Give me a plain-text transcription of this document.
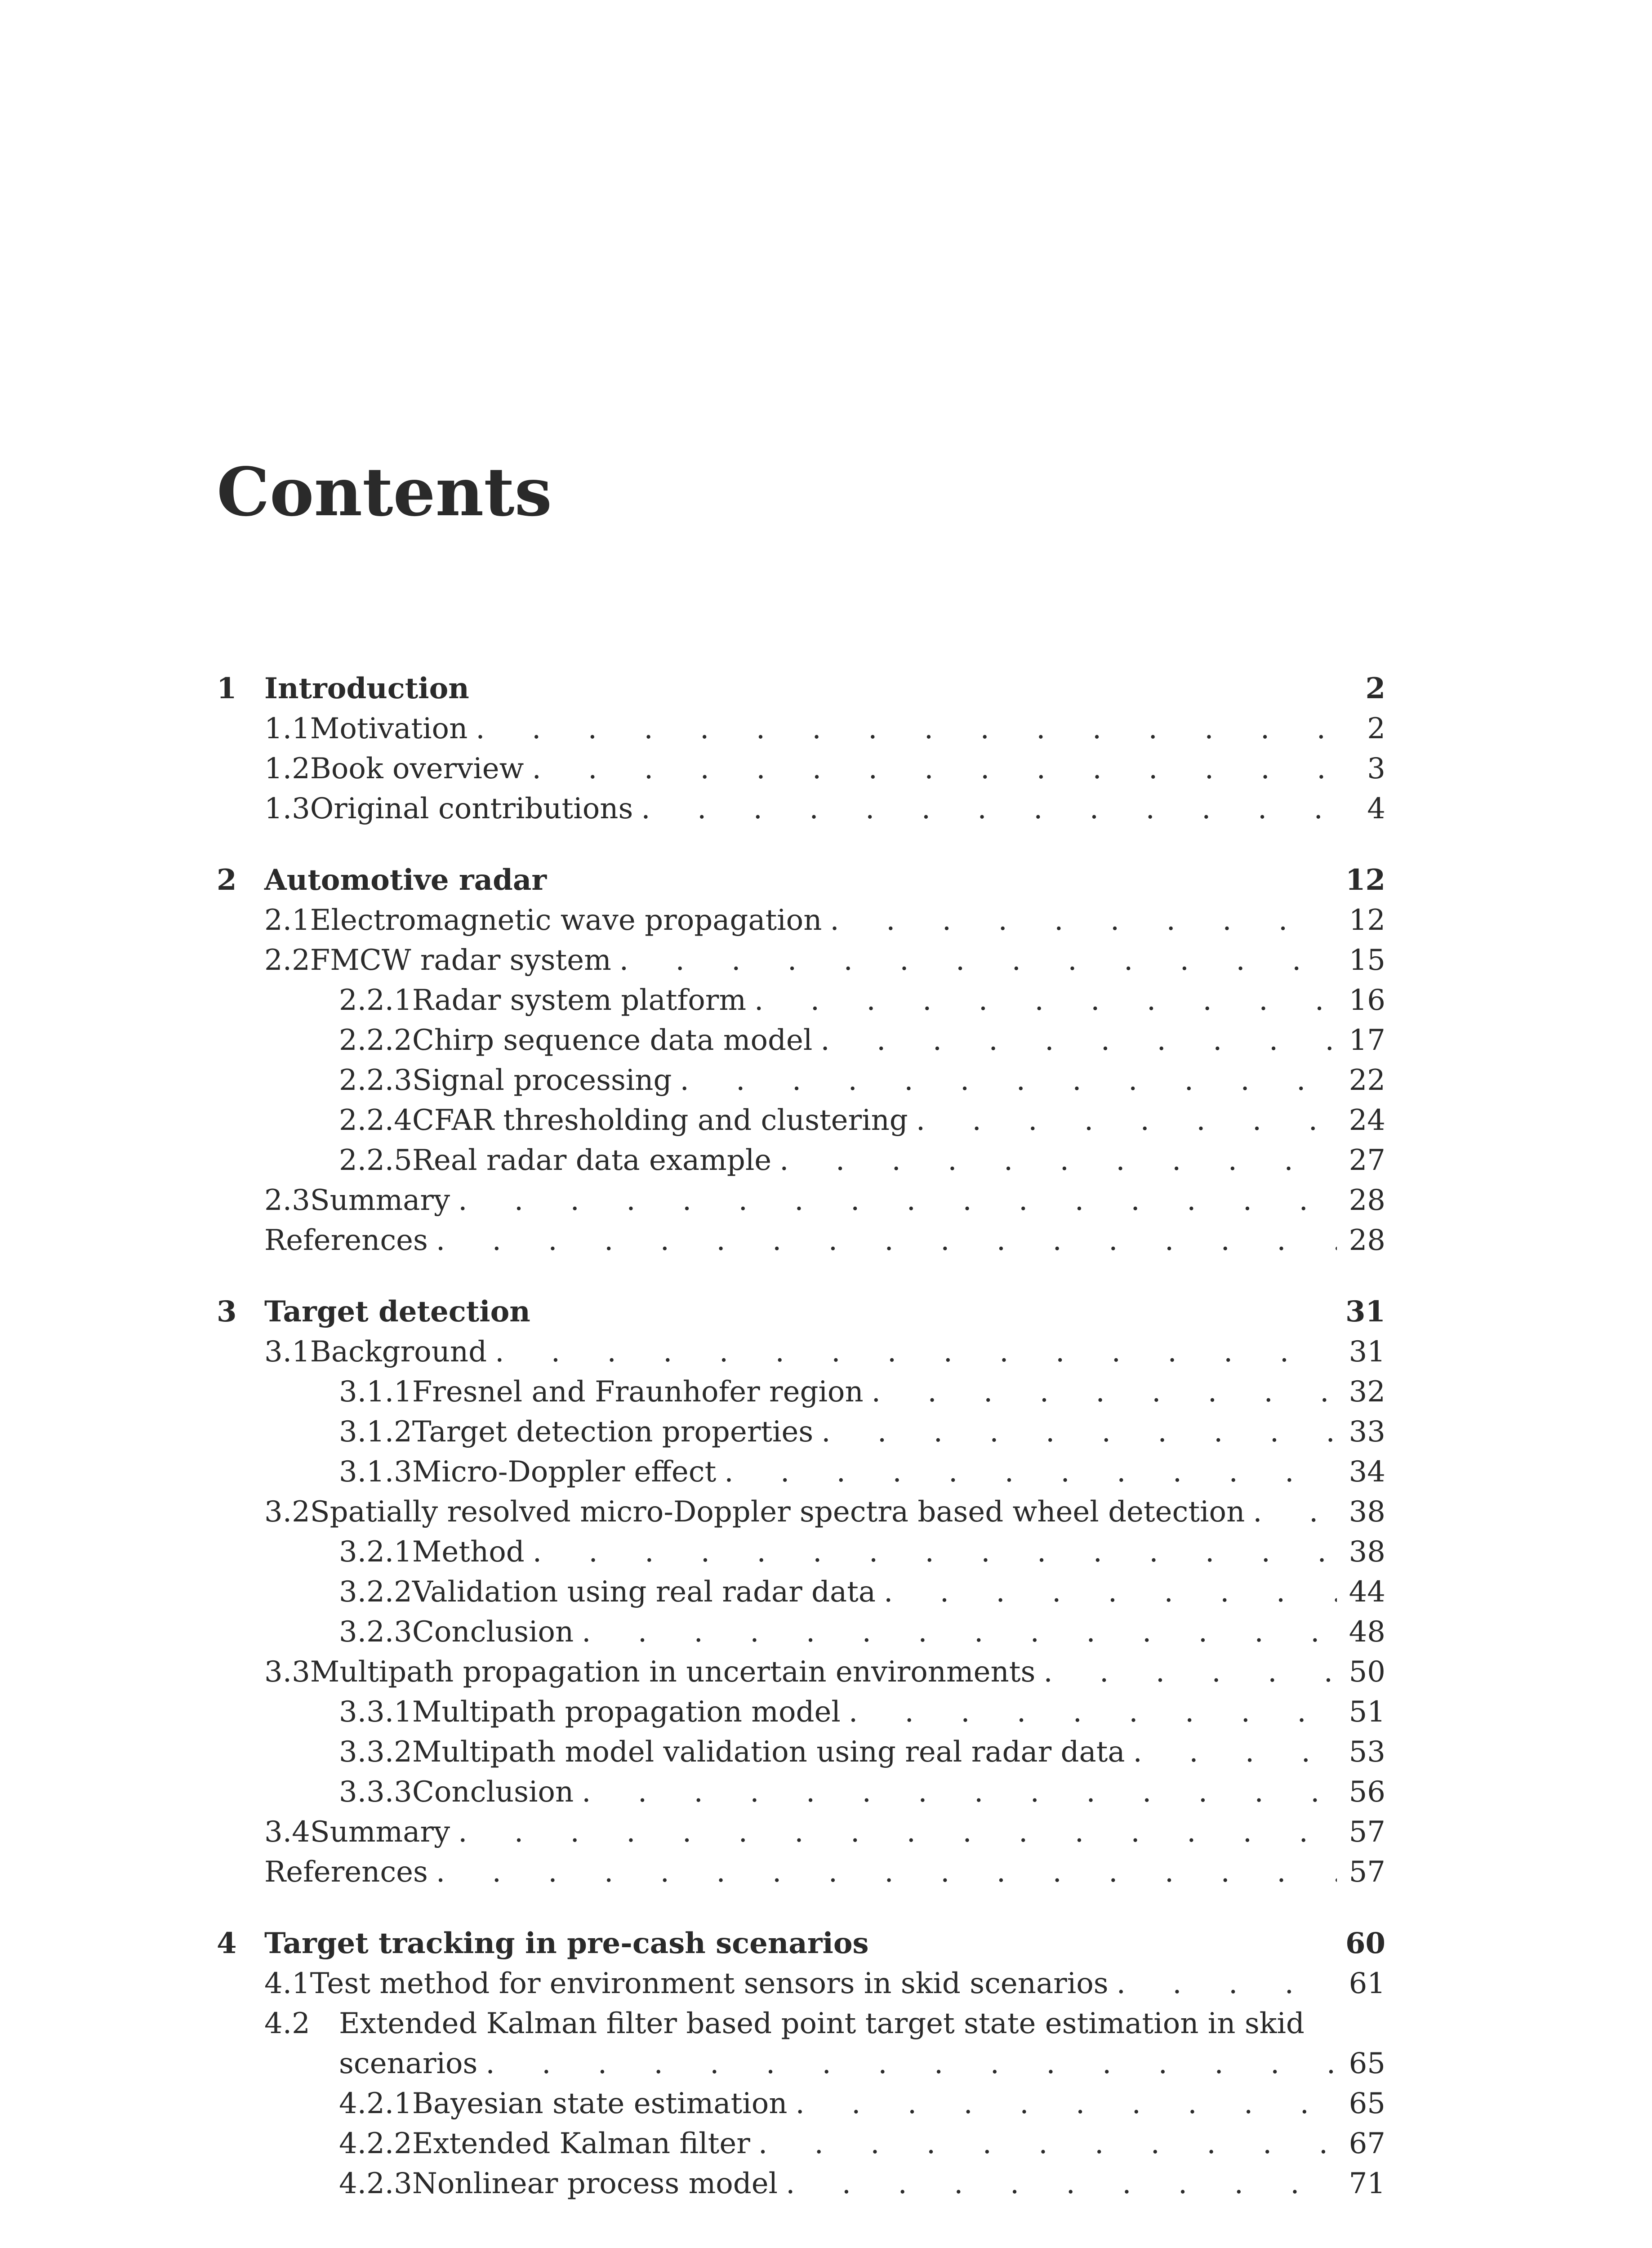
Contents
1 Introduction	2
1.1 Motivation . . .	2
1.2 Book overview . . .	3
1.3 Original contributions . . .	4
2 Automotive radar	12
2.1 Electromagnetic wave propagation . . .	12
2.2 FMCW radar system . . .	15
2.2.1 Radar system platform . . .	16
2.2.2 Chirp sequence data model . . .	17
2.2.3 Signal processing . . .	22
2.2.4 CFAR thresholding and clustering . . .	24
2.2.5 Real radar data example . . .	27
2.3 Summary . . .	28
References . . .	28
3 Target detection	31
3.1 Background . . .	31
3.1.1 Fresnel and Fraunhofer region . . .	32
3.1.2 Target detection properties . . .	33
3.1.3 Micro-Doppler effect . . .	34
3.2 Spatially resolved micro-Doppler spectra based wheel detection . . .	38
3.2.1 Method . . .	38
3.2.2 Validation using real radar data . . .	44
3.2.3 Conclusion . . .	48
3.3 Multipath propagation in uncertain environments . . .	50
3.3.1 Multipath propagation model . . .	51
3.3.2 Multipath model validation using real radar data . . .	53
3.3.3 Conclusion . . .	56
3.4 Summary . . .	57
References . . .	57
4 Target tracking in pre-cash scenarios	60
4.1 Test method for environment sensors in skid scenarios . . .	61
4.2	Extended Kalman filter based point target state estimation in skid
scenarios . . .	65
4.2.1 Bayesian state estimation . . .	65
4.2.2 Extended Kalman filter . . .	67
4.2.3 Nonlinear process model . . .	71
